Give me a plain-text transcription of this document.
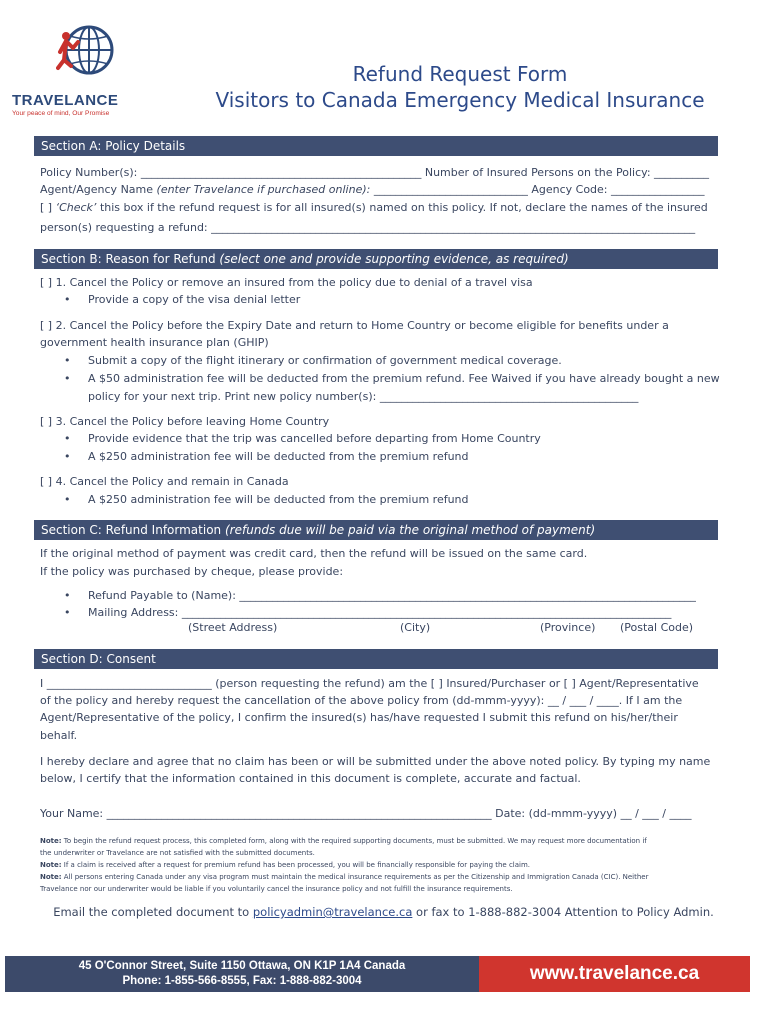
TRAVELANCE
Your peace of mind, Our Promise
Refund Request Form
Visitors to Canada Emergency Medical Insurance
Section A: Policy Details
Policy Number(s): ___________________________________________________ Number of Insured Persons on the Policy: __________
Agent/Agency Name (enter Travelance if purchased online): ____________________________ Agency Code: _________________
[ ] ‘Check’ this box if the refund request is for all insured(s) named on this policy. If not, declare the names of the insured
person(s) requesting a refund: ________________________________________________________________________________________
Section B: Reason for Refund (select one and provide supporting evidence, as required)
[ ] 1. Cancel the Policy or remove an insured from the policy due to denial of a travel visa
• Provide a copy of the visa denial letter
[ ] 2. Cancel the Policy before the Expiry Date and return to Home Country or become eligible for benefits under a
government health insurance plan (GHIP)
• Submit a copy of the flight itinerary or confirmation of government medical coverage.
• A $50 administration fee will be deducted from the premium refund. Fee Waived if you have already bought a new
policy for your next trip. Print new policy number(s): _______________________________________________
[ ] 3. Cancel the Policy before leaving Home Country
• Provide evidence that the trip was cancelled before departing from Home Country
• A $250 administration fee will be deducted from the premium refund
[ ] 4. Cancel the Policy and remain in Canada
• A $250 administration fee will be deducted from the premium refund
Section C: Refund Information (refunds due will be paid via the original method of payment)
If the original method of payment was credit card, then the refund will be issued on the same card.
If the policy was purchased by cheque, please provide:
• Refund Payable to (Name): ___________________________________________________________________________________
• Mailing Address: _________________________________________________________________________________________
(Street Address)	(City)	(Province) (Postal Code)
Section D: Consent
I ______________________________ (person requesting the refund) am the [ ] Insured/Purchaser or [ ] Agent/Representative
of the policy and hereby request the cancellation of the above policy from (dd-mmm-yyyy): __ / ___ / ____. If I am the
Agent/Representative of the policy, I confirm the insured(s) has/have requested I submit this refund on his/her/their
behalf.
I hereby declare and agree that no claim has been or will be submitted under the above noted policy. By typing my name
below, I certify that the information contained in this document is complete, accurate and factual.
Your Name: ______________________________________________________________________ Date: (dd-mmm-yyyy) __ / ___ / ____
Note: To begin the refund request process, this completed form, along with the required supporting documents, must be submitted. We may request more documentation if
the underwriter or Travelance are not satisfied with the submitted documents.
Note: If a claim is received after a request for premium refund has been processed, you will be financially responsible for paying the claim.
Note: All persons entering Canada under any visa program must maintain the medical insurance requirements as per the Citizenship and Immigration Canada (CIC). Neither
Travelance nor our underwriter would be liable if you voluntarily cancel the insurance policy and not fulfill the insurance requirements.
Email the completed document to policyadmin@travelance.ca or fax to 1-888-882-3004 Attention to Policy Admin.
45 O'Connor Street, Suite 1150 Ottawa, ON K1P 1A4 Canada
Phone: 1-855-566-8555, Fax: 1-888-882-3004	www.travelance.ca
